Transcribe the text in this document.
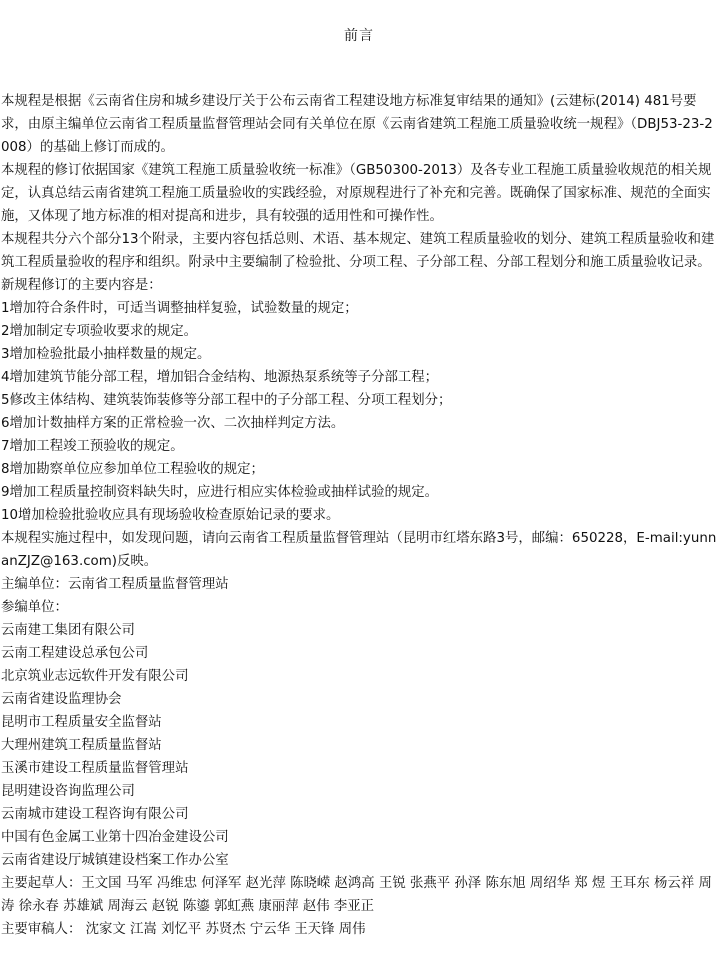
前言

本规程是根据《云南省住房和城乡建设厅关于公布云南省工程建设地方标准复审结果的通知》(云建标(2014) 481号要求，由原主编单位云南省工程质量监督管理站会同有关单位在原《云南省建筑工程施工质量验收统一规程》（DBJ53-23-2008）的基础上修订而成的。

本规程的修订依据国家《建筑工程施工质量验收统一标准》（GB50300-2013）及各专业工程施工质量验收规范的相关规定，认真总结云南省建筑工程施工质量验收的实践经验，对原规程进行了补充和完善。既确保了国家标准、规范的全面实施，又体现了地方标准的相对提高和进步，具有较强的适用性和可操作性。

本规程共分六个部分13个附录，主要内容包括总则、术语、基本规定、建筑工程质量验收的划分、建筑工程质量验收和建筑工程质量验收的程序和组织。附录中主要编制了检验批、分项工程、子分部工程、分部工程划分和施工质量验收记录。

新规程修订的主要内容是：

1增加符合条件时，可适当调整抽样复验，试验数量的规定；

2增加制定专项验收要求的规定。

3增加检验批最小抽样数量的规定。

4增加建筑节能分部工程，增加铝合金结构、地源热泵系统等子分部工程；

5修改主体结构、建筑装饰装修等分部工程中的子分部工程、分项工程划分；

6增加计数抽样方案的正常检验一次、二次抽样判定方法。

7增加工程竣工预验收的规定。

8增加勘察单位应参加单位工程验收的规定；

9增加工程质量控制资料缺失时，应进行相应实体检验或抽样试验的规定。

10增加检验批验收应具有现场验收检查原始记录的要求。

本规程实施过程中，如发现问题，请向云南省工程质量监督管理站（昆明市红塔东路3号，邮编：650228，E-mail:yunnanZJZ@163.com)反映。

主编单位：云南省工程质量监督管理站

参编单位：

云南建工集团有限公司

云南工程建设总承包公司

北京筑业志远软件开发有限公司

云南省建设监理协会

昆明市工程质量安全监督站

大理州建筑工程质量监督站

玉溪市建设工程质量监督管理站

昆明建设咨询监理公司

云南城市建设工程咨询有限公司

中国有色金属工业第十四冶金建设公司

云南省建设厅城镇建设档案工作办公室

主要起草人：王文国 马军 冯维忠 何泽军 赵光萍 陈晓嵘 赵鸿高 王锐 张燕平 孙泽 陈东旭 周绍华 郑 煜 王耳东 杨云祥 周涛 徐永春 苏雄斌 周海云 赵锐 陈鎏 郭虹燕 康丽萍 赵伟 李亚正

主要审稿人： 沈家文 江嵩 刘忆平 苏贤杰 宁云华 王天锋 周伟
